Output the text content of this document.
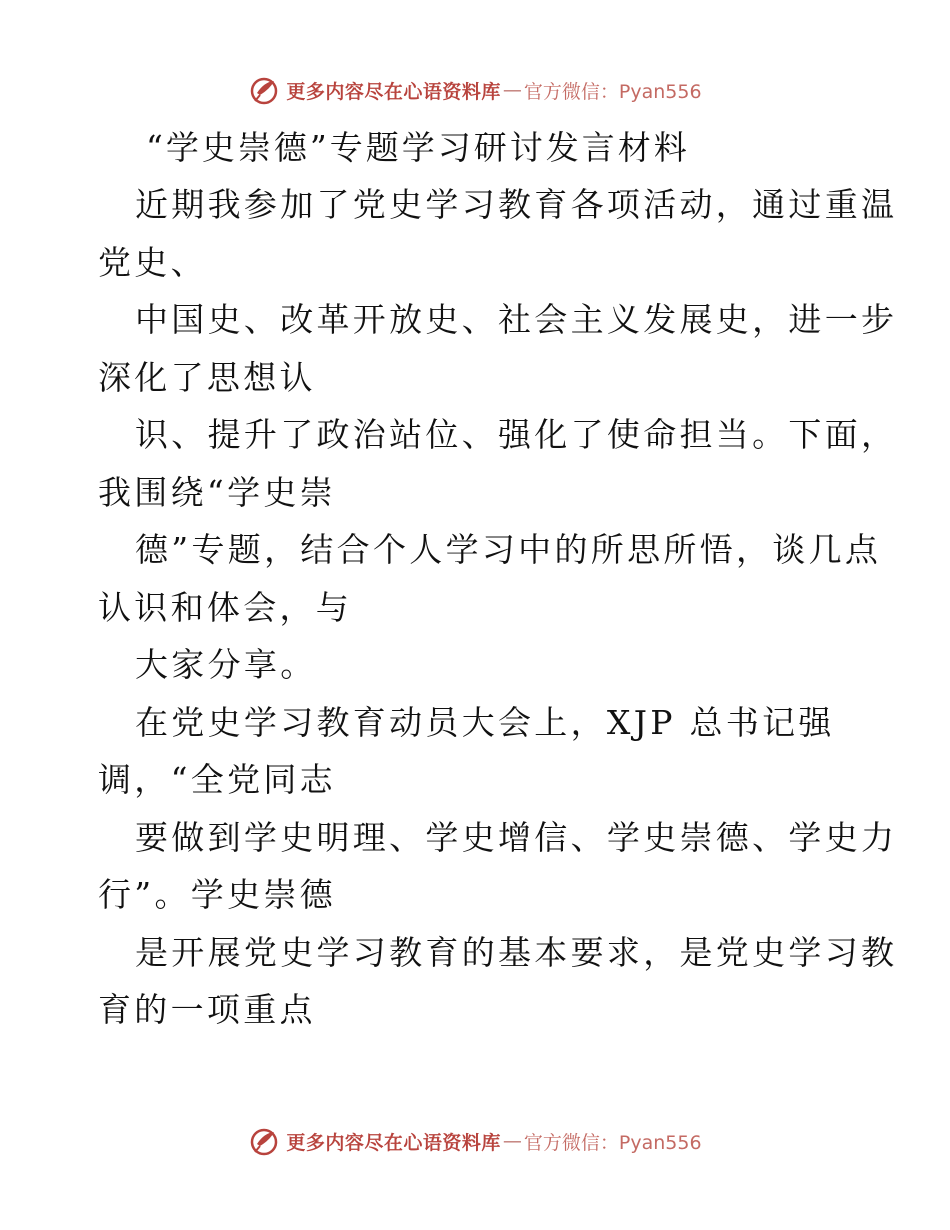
更多内容尽在心语资料库 — 官方微信：Pyan556
“学史崇德”专题学习研讨发言材料
近期我参加了党史学习教育各项活动，通过重温
党史、
中国史、改革开放史、社会主义发展史，进一步
深化了思想认
识、提升了政治站位、强化了使命担当。下面，
我围绕“学史崇
德”专题，结合个人学习中的所思所悟，谈几点
认识和体会，与
大家分享。
在党史学习教育动员大会上，XJP 总书记强
调，“全党同志
要做到学史明理、学史增信、学史崇德、学史力
行”。学史崇德
是开展党史学习教育的基本要求，是党史学习教
育的一项重点
更多内容尽在心语资料库 — 官方微信：Pyan556
